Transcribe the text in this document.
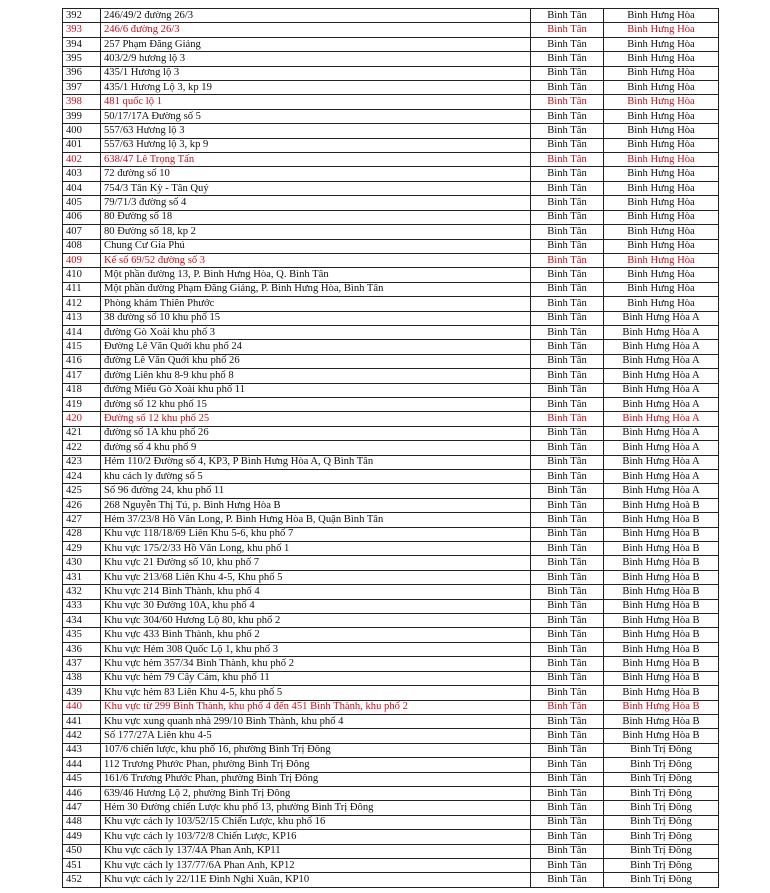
392	246/49/2 đường 26/3	Bình Tân	Bình Hưng Hòa
393	246/6 đường 26/3	Bình Tân	Bình Hưng Hòa
394	257 Phạm Đăng Giảng	Bình Tân	Bình Hưng Hòa
395	403/2/9 hương lộ 3	Bình Tân	Bình Hưng Hòa
396	435/1 Hương lộ 3	Bình Tân	Bình Hưng Hòa
397	435/1 Hương Lộ 3, kp 19	Bình Tân	Bình Hưng Hòa
398	481 quốc lộ 1	Bình Tân	Bình Hưng Hòa
399	50/17/17A Đường số 5	Bình Tân	Bình Hưng Hòa
400	557/63 Hương lộ 3	Bình Tân	Bình Hưng Hòa
401	557/63 Hương lộ 3, kp 9	Bình Tân	Bình Hưng Hòa
402	638/47 Lê Trọng Tấn	Bình Tân	Bình Hưng Hòa
403	72 đường số 10	Bình Tân	Bình Hưng Hòa
404	754/3 Tân Kỳ - Tân Quý	Bình Tân	Bình Hưng Hòa
405	79/71/3 đường số 4	Bình Tân	Bình Hưng Hòa
406	80 Đường số 18	Bình Tân	Bình Hưng Hòa
407	80 Đường số 18, kp 2	Bình Tân	Bình Hưng Hòa
408	Chung Cư Gia Phú	Bình Tân	Bình Hưng Hòa
409	Kế số 69/52 đường số 3	Bình Tân	Bình Hưng Hòa
410	Một phần đường 13, P. Bình Hưng Hòa, Q. Bình Tân	Bình Tân	Bình Hưng Hòa
411	Một phần đường Phạm Đăng Giảng, P. Bình Hưng Hòa, Bình Tân	Bình Tân	Bình Hưng Hòa
412	Phòng khám Thiên Phước	Bình Tân	Bình Hưng Hòa
413	38 đường số 10 khu phố 15	Bình Tân	Bình Hưng Hòa A
414	đường Gò Xoài khu phố 3	Bình Tân	Bình Hưng Hòa A
415	Đường Lê Văn Quới khu phố 24	Bình Tân	Bình Hưng Hòa A
416	đường Lê Văn Quới khu phố 26	Bình Tân	Bình Hưng Hòa A
417	đường Liên khu 8-9 khu phố 8	Bình Tân	Bình Hưng Hòa A
418	đường Miếu Gò Xoài khu phố 11	Bình Tân	Bình Hưng Hòa A
419	đường số 12 khu phố 15	Bình Tân	Bình Hưng Hòa A
420	Đường số 12 khu phố 25	Bình Tân	Bình Hưng Hòa A
421	đường số 1A khu phố 26	Bình Tân	Bình Hưng Hòa A
422	đường số 4 khu phố 9	Bình Tân	Bình Hưng Hòa A
423	Hẻm 110/2 Đường số 4, KP3, P Bình Hưng Hòa A, Q Bình Tân	Bình Tân	Bình Hưng Hòa A
424	khu cách ly đường số 5	Bình Tân	Bình Hưng Hòa A
425	Số 96 đường 24, khu phố 11	Bình Tân	Bình Hưng Hòa A
426	268 Nguyễn Thị Tú, p. Bình Hưng Hòa B	Bình Tân	Bình Hưng Hoà B
427	Hẻm 37/23/8 Hồ Văn Long, P. Bình Hưng Hòa B, Quận Bình Tân	Bình Tân	Bình Hưng Hòa B
428	Khu vực 118/18/69 Liên Khu 5-6, khu phố 7	Bình Tân	Bình Hưng Hòa B
429	Khu vực 175/2/33 Hồ Văn Long, khu phố 1	Bình Tân	Bình Hưng Hòa B
430	Khu vực 21 Đường số 10, khu phố 7	Bình Tân	Bình Hưng Hòa B
431	Khu vực 213/68 Liên Khu 4-5, Khu phố 5	Bình Tân	Bình Hưng Hòa B
432	Khu vực 214 Bình Thành, khu phố 4	Bình Tân	Bình Hưng Hòa B
433	Khu vực 30 Đường 10A, khu phố 4	Bình Tân	Bình Hưng Hòa B
434	Khu vực 304/60 Hương Lộ 80, khu phố 2	Bình Tân	Bình Hưng Hòa B
435	Khu vực 433 Bình Thành, khu phố 2	Bình Tân	Bình Hưng Hòa B
436	Khu vực Hẻm 308 Quốc Lộ 1, khu phố 3	Bình Tân	Bình Hưng Hòa B
437	Khu vực hẻm 357/34 Bình Thành, khu phố 2	Bình Tân	Bình Hưng Hòa B
438	Khu vực hẻm 79 Cây Cám, khu phố 11	Bình Tân	Bình Hưng Hòa B
439	Khu vực hẻm 83 Liên Khu 4-5, khu phố 5	Bình Tân	Bình Hưng Hòa B
440	Khu vực từ 299 Bình Thành, khu phố 4 đến 451 Bình Thành, khu phố 2	Bình Tân	Bình Hưng Hòa B
441	Khu vực xung quanh nhà 299/10 Bình Thành, khu phố 4	Bình Tân	Bình Hưng Hòa B
442	Số 177/27A Liên khu 4-5	Bình Tân	Bình Hưng Hòa B
443	107/6 chiến lược, khu phố 16, phường Bình Trị Đông	Bình Tân	Bình Trị Đông
444	112 Trương Phước Phan, phường Bình Trị Đông	Bình Tân	Bình Trị Đông
445	161/6 Trương Phước Phan, phường Bình Trị Đông	Bình Tân	Bình Trị Đông
446	639/46 Hương Lộ 2, phường Bình Trị Đông	Bình Tân	Bình Trị Đông
447	Hẻm 30 Đường chiến Lược khu phố 13, phường Bình Trị Đông	Bình Tân	Bình Trị Đông
448	Khu vực cách ly 103/52/15 Chiến Lược, khu phố 16	Bình Tân	Bình Trị Đông
449	Khu vực cách ly 103/72/8 Chiến Lược, KP16	Bình Tân	Bình Trị Đông
450	Khu vực cách ly 137/4A Phan Anh, KP11	Bình Tân	Bình Trị Đông
451	Khu vực cách ly 137/77/6A Phan Anh, KP12	Bình Tân	Bình Trị Đông
452	Khu vực cách ly 22/11E Đình Nghi Xuân, KP10	Bình Tân	Bình Trị Đông
